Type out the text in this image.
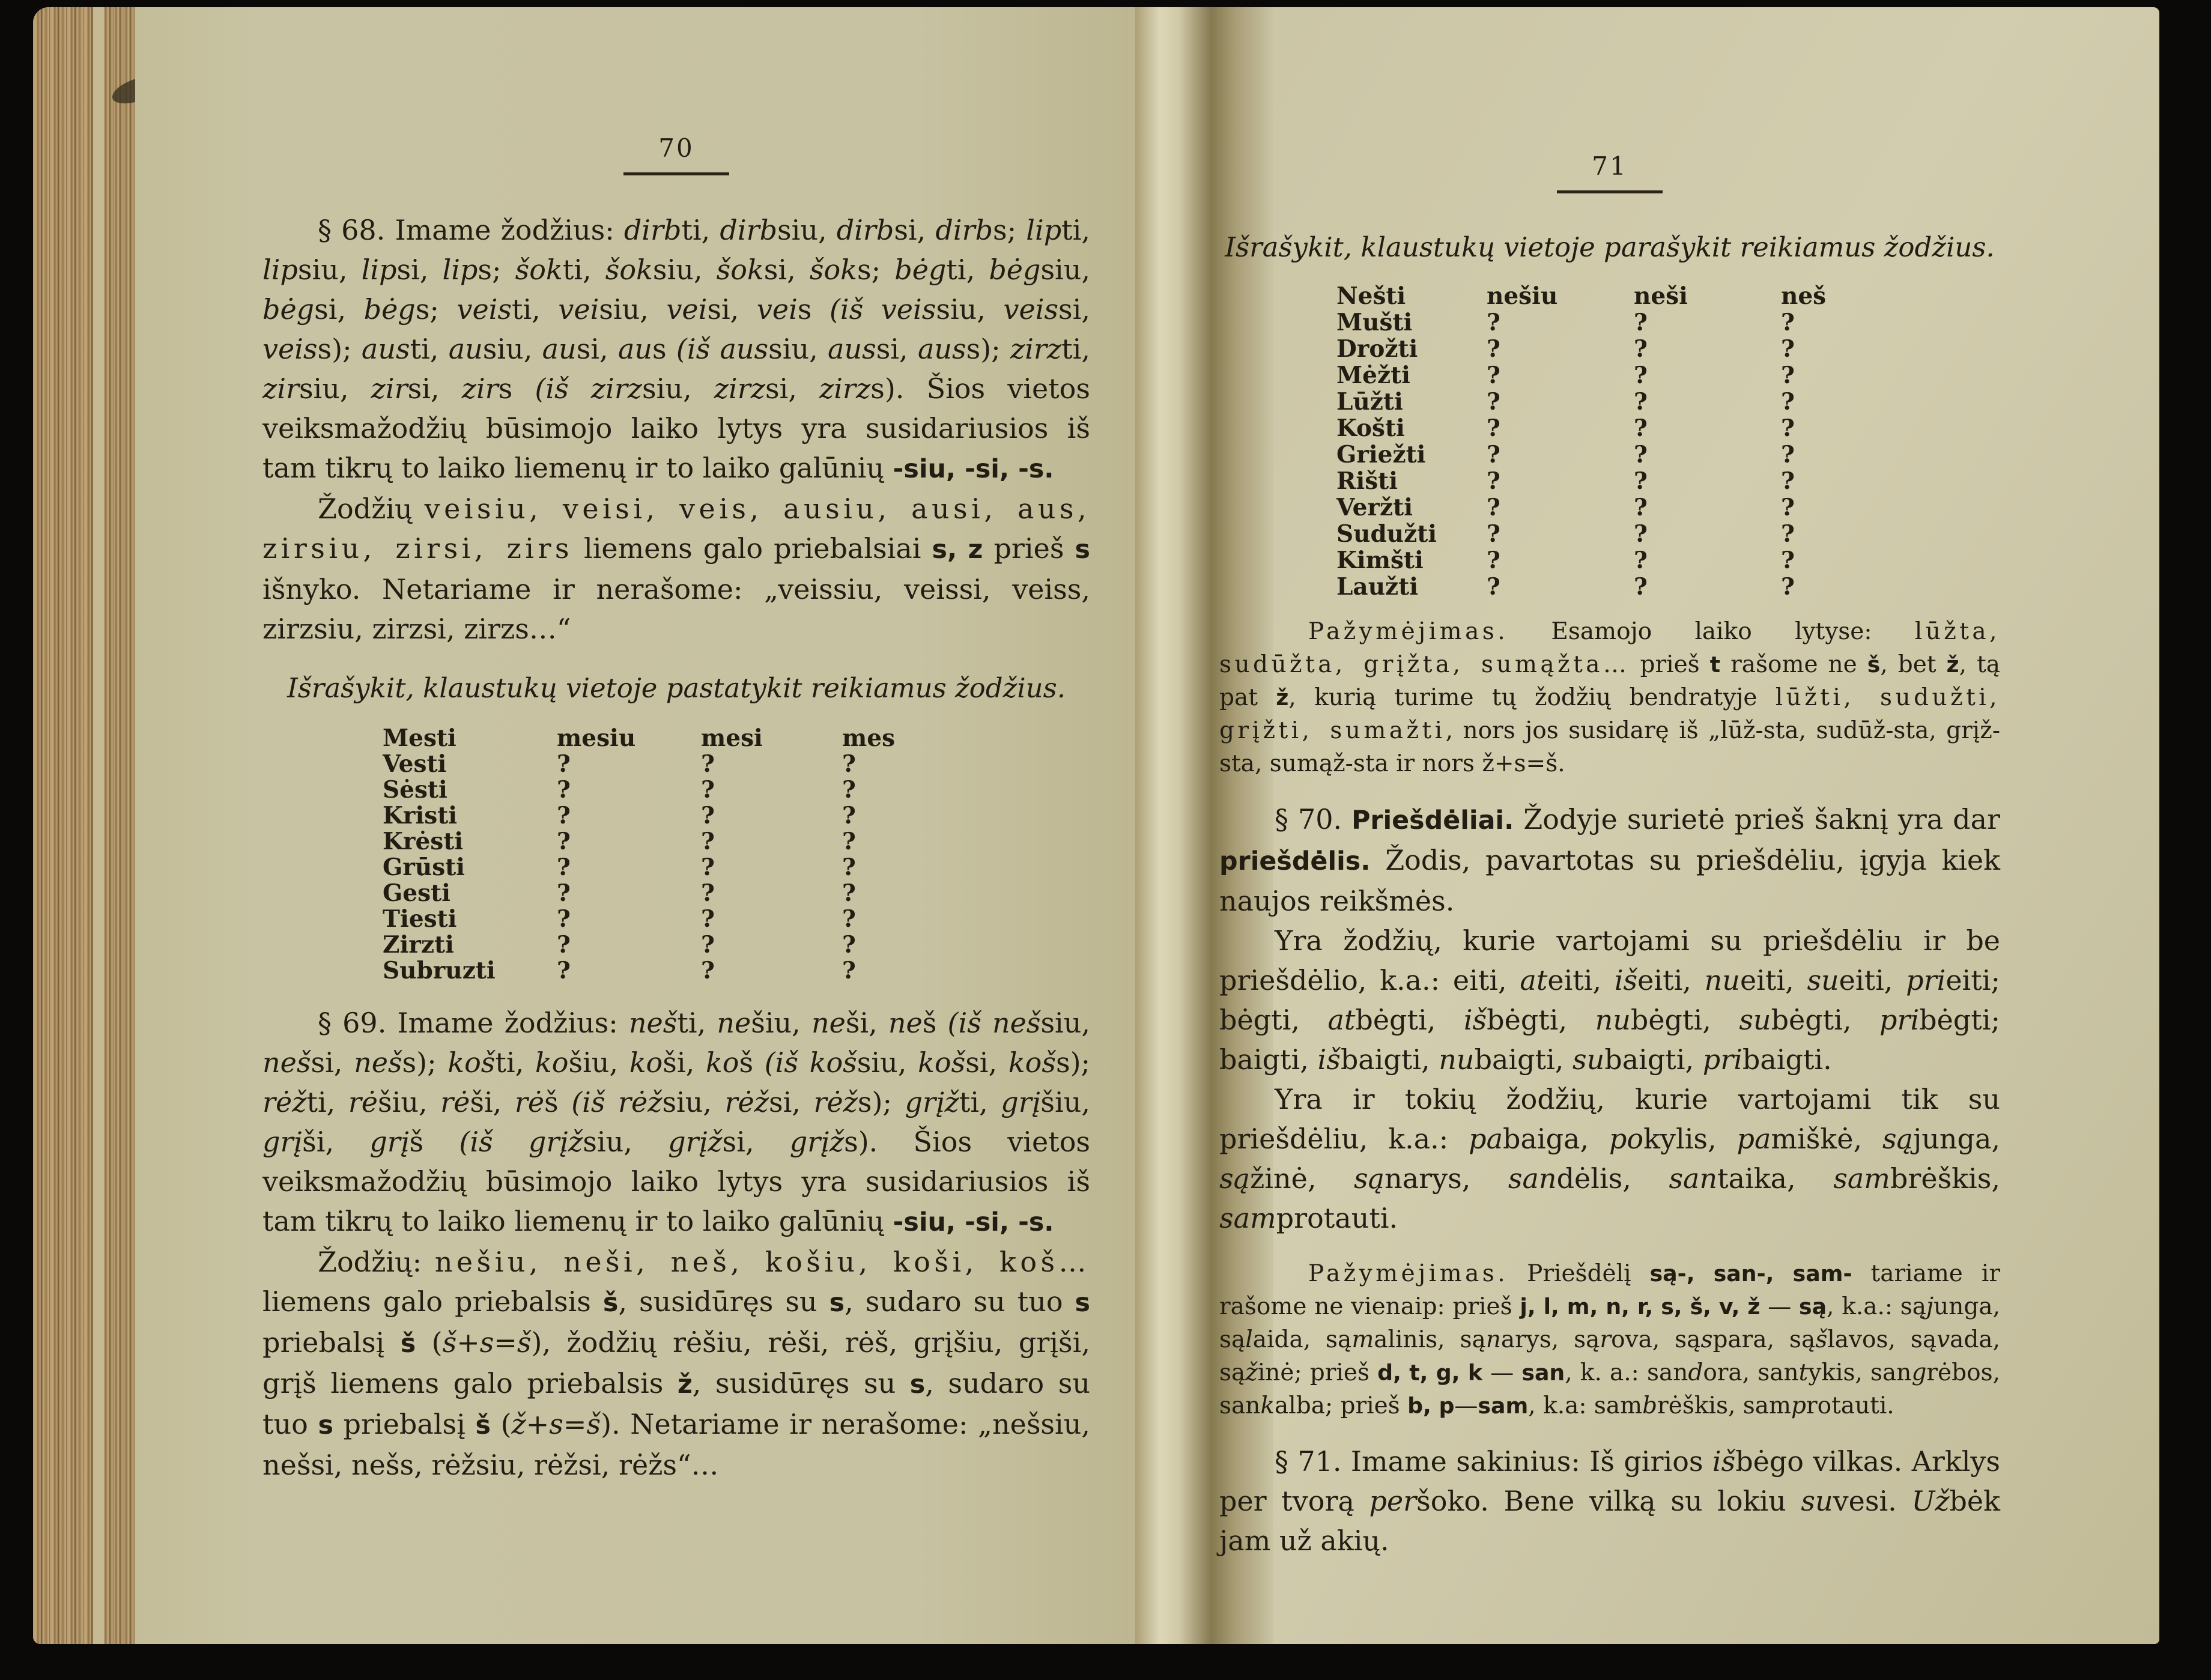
70

§ 68. Imame žodžius: dirbti, dirbsiu, dirbsi, dirbs; lipti, lipsiu, lipsi, lips; šokti, šoksiu, šoksi, šoks; bėgti, bėgsiu, bėgsi, bėgs; veisti, veisiu, veisi, veis (iš veissiu, veissi, veiss); austi, ausiu, ausi, aus (iš aussiu, aussi, auss); zirzti, zirsiu, zirsi, zirs (iš zirzsiu, zirzsi, zirzs). Šios vietos veiksmažodžių būsimojo laiko lytys yra susidariusios iš tam tikrų to laiko liemenų ir to laiko galūnių -siu, -si, -s.

Žodžių veisiu, veisi, veis, ausiu, ausi, aus, zirsiu, zirsi, zirs liemens galo priebalsiai s, z prieš s išnyko. Netariame ir nerašome: „veissiu, veissi, veiss, zirzsiu, zirzsi, zirzs…“

Išrašykit, klaustukų vietoje pastatykit reikiamus žodžius.

Mesti	mesiu	mesi	mes
Vesti	?	?	?
Sėsti	?	?	?
Kristi	?	?	?
Krėsti	?	?	?
Grūsti	?	?	?
Gesti	?	?	?
Tiesti	?	?	?
Zirzti	?	?	?
Subruzti	?	?	?

§ 69. Imame žodžius: nešti, nešiu, neši, neš (iš nešsiu, nešsi, nešs); košti, košiu, koši, koš (iš košsiu, košsi, košs); rėžti, rėšiu, rėši, rėš (iš rėžsiu, rėžsi, rėžs); grįžti, grįšiu, grįši, grįš (iš grįžsiu, grįžsi, grįžs). Šios vietos veiksmažodžių būsimojo laiko lytys yra susidariusios iš tam tikrų to laiko liemenų ir to laiko galūnių -siu, -si, -s.

Žodžių: nešiu, neši, neš, košiu, koši, koš… liemens galo priebalsis š, susidūręs su s, sudaro su tuo s priebalsį š (š+s=š), žodžių rėšiu, rėši, rėš, grįšiu, grįši, grįš liemens galo priebalsis ž, susidūręs su s, sudaro su tuo s priebalsį š (ž+s=š). Netariame ir nerašome: „nešsiu, nešsi, nešs, rėžsiu, rėžsi, rėžs“…

71

Išrašykit, klaustukų vietoje parašykit reikiamus žodžius.

Nešti	nešiu	neši	neš
Mušti	?	?	?
Drožti	?	?	?
Mėžti	?	?	?
Lūžti	?	?	?
Košti	?	?	?
Griežti	?	?	?
Rišti	?	?	?
Veržti	?	?	?
Sudužti	?	?	?
Kimšti	?	?	?
Laužti	?	?	?

Pažymėjimas. Esamojo laiko lytyse: lūžta, sudūžta, grįžta, sumąžta… prieš t rašome ne š, bet ž, tą pat ž, kurią turime tų žodžių bendratyje lūžti, sudužti, grįžti, sumažti, nors jos susidarę iš „lūž-sta, sudūž-sta, grįž-sta, sumąž-sta ir nors ž+s=š.

§ 70. Priešdėliai. Žodyje surietė prieš šaknį yra dar priešdėlis. Žodis, pavartotas su priešdėliu, įgyja kiek naujos reikšmės.

Yra žodžių, kurie vartojami su priešdėliu ir be priešdėlio, k.a.: eiti, ateiti, išeiti, nueiti, sueiti, prieiti; bėgti, atbėgti, išbėgti, nubėgti, subėgti, pribėgti; baigti, išbaigti, nubaigti, subaigti, pribaigti.

Yra ir tokių žodžių, kurie vartojami tik su priešdėliu, k.a.: pabaiga, pokylis, pamiškė, sąjunga, sąžinė, sąnarys, sandėlis, santaika, sambrėškis, samprotauti.

Pažymėjimas. Priešdėlį są-, san-, sam- tariame ir rašome ne vienaip: prieš j, l, m, n, r, s, š, v, ž — są, k.a.: sąjunga, sąlaida, sąmalinis, sąnarys, sąrova, sąspara, sąšlavos, sąvada, sąžinė; prieš d, t, g, k — san, k. a.: sandora, santykis, sangrėbos, sankalba; prieš b, p—sam, k.a: sambrėškis, samprotauti.

§ 71. Imame sakinius: Iš girios išbėgo vilkas. Arklys per tvorą peršoko. Bene vilką su lokiu suvesi. Užbėk jam už akių.
